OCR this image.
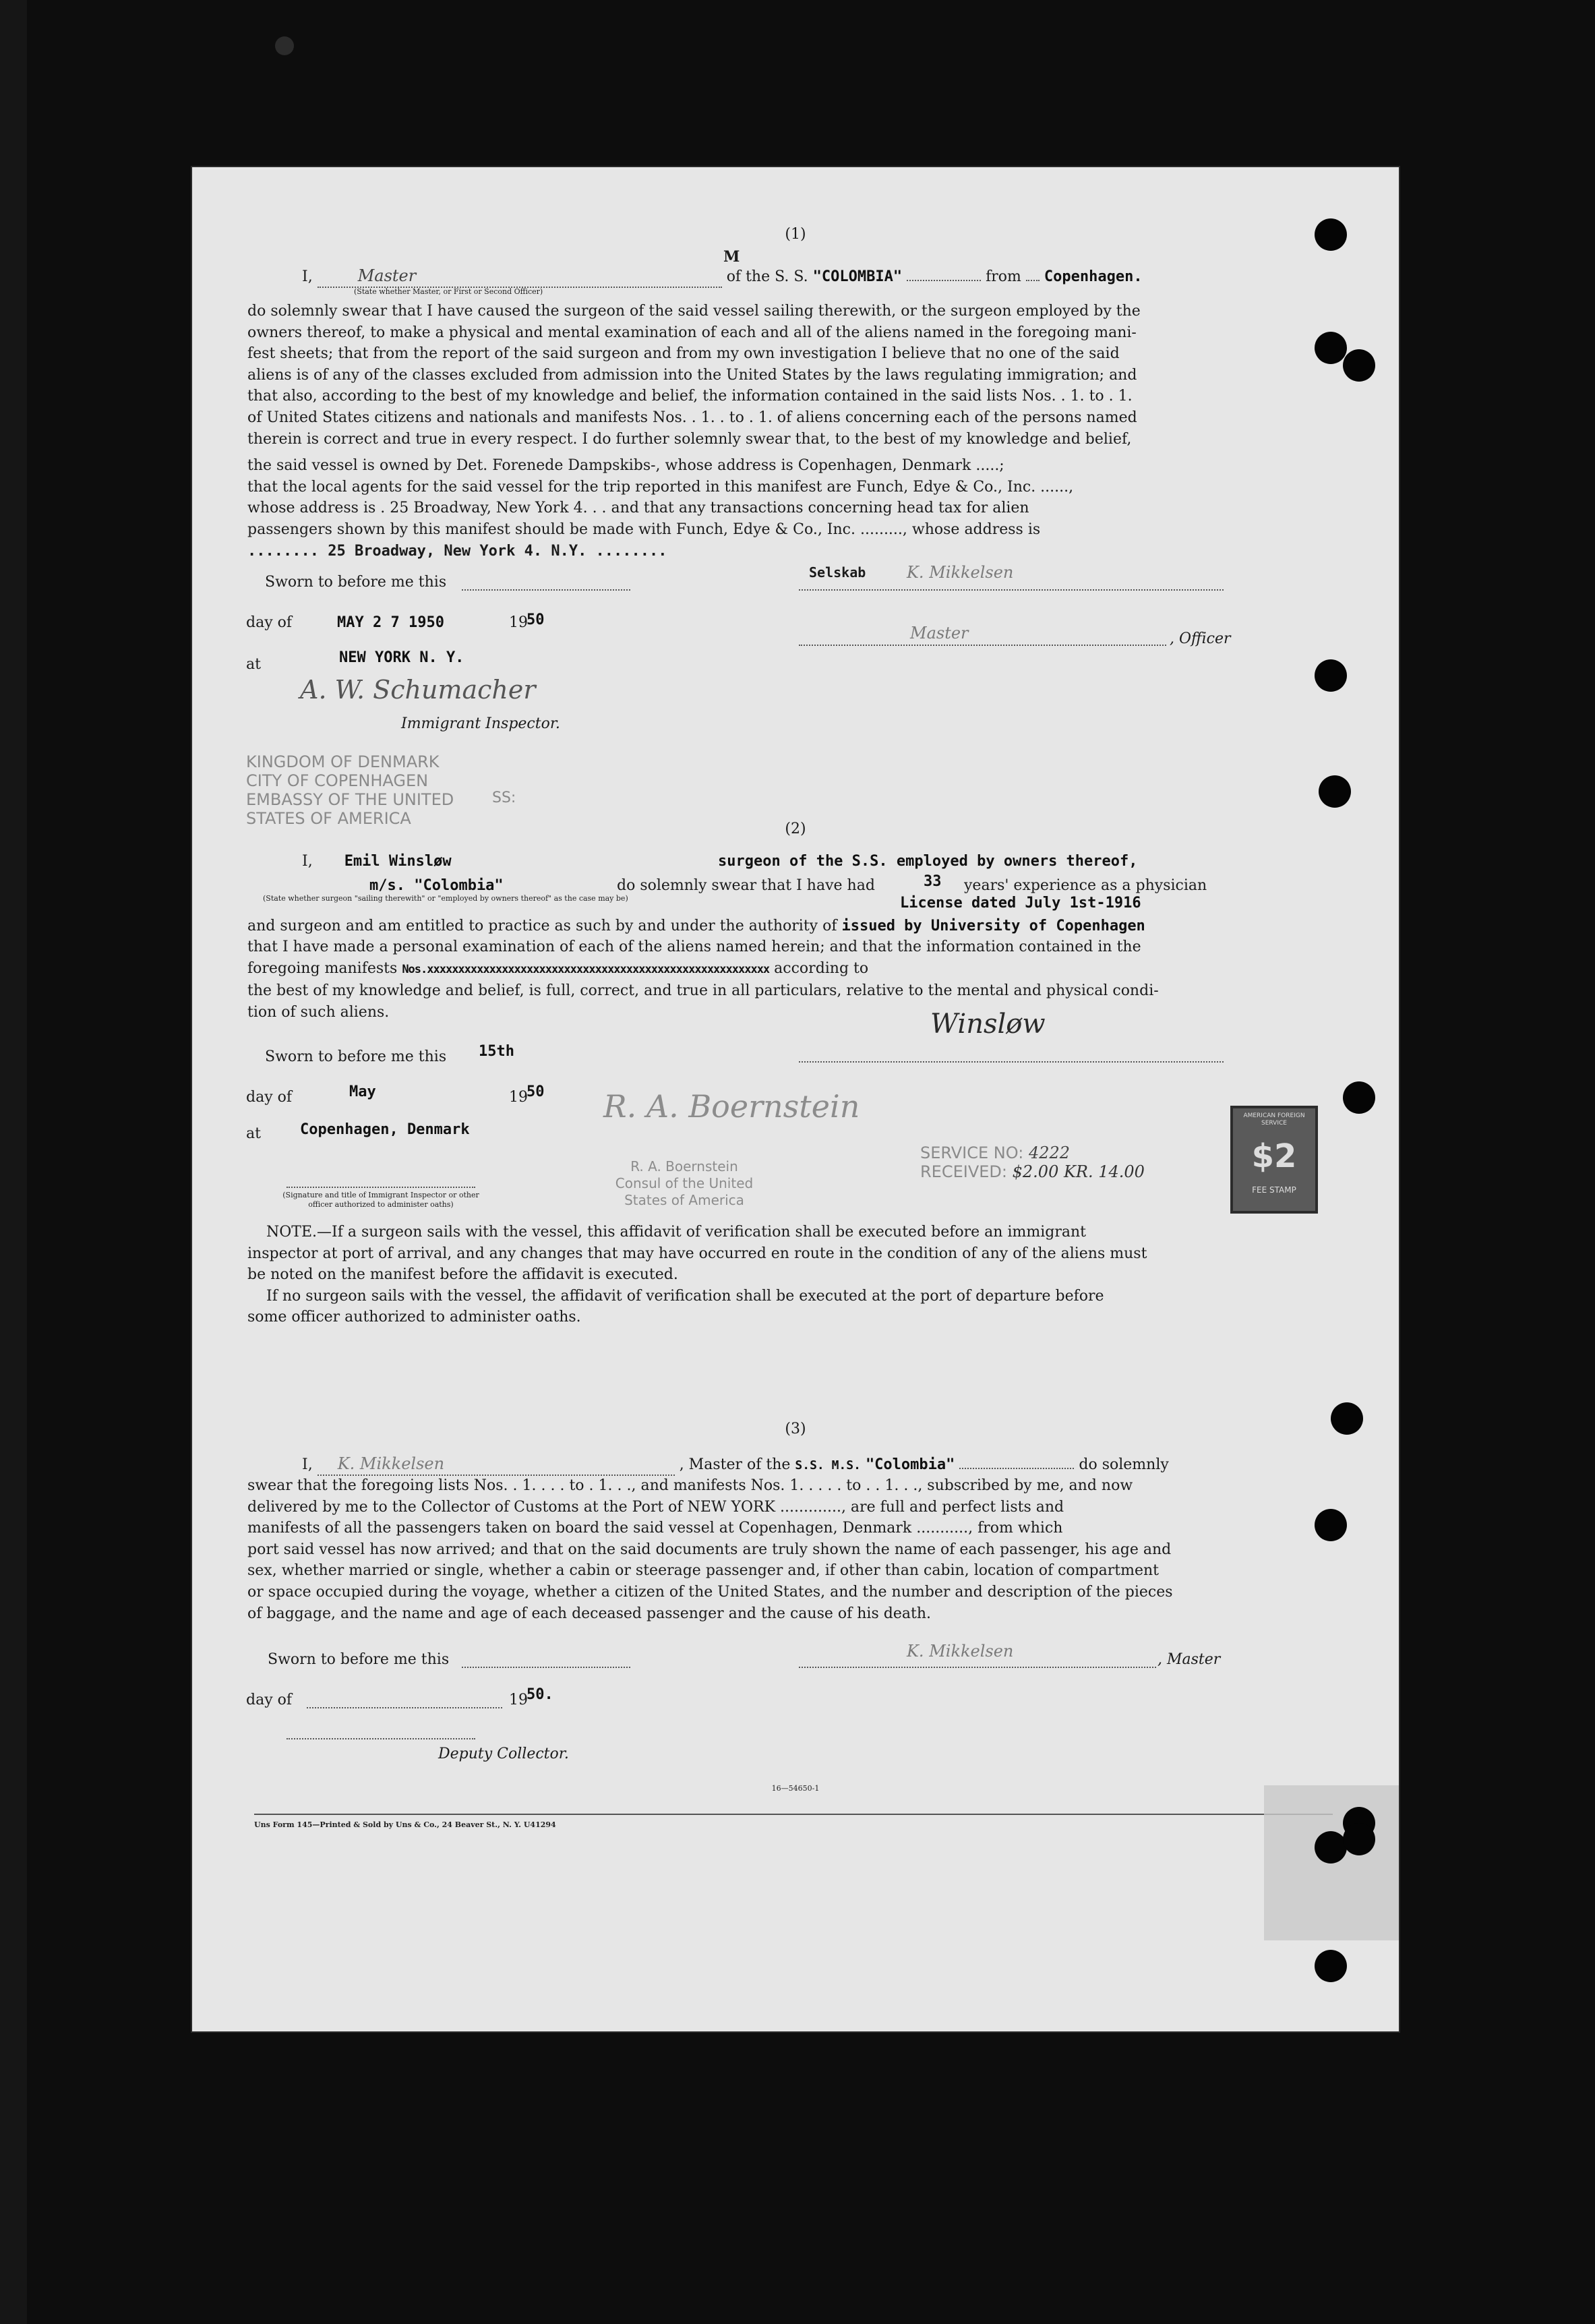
(1)
M
I,	Master	of the S. S. "COLOMBIA"	from Copenhagen.
(State whether Master, or First or Second Officer)
Selskab
do solemnly swear that I have caused the surgeon of the said vessel sailing therewith, or the surgeon employed by the
owners thereof, to make a physical and mental examination of each and all of the aliens named in the foregoing mani-
fest sheets; that from the report of the said surgeon and from my own investigation I believe that no one of the said
aliens is of any of the classes excluded from admission into the United States by the laws regulating immigration; and
that also, according to the best of my knowledge and belief, the information contained in the said lists Nos. . 1. to . 1.
of United States citizens and nationals and manifests Nos. . 1. . to . 1. of aliens concerning each of the persons named
therein is correct and true in every respect. I do further solemnly swear that, to the best of my knowledge and belief,
the said vessel is owned by Det. Forenede Dampskibs-, whose address is Copenhagen, Denmark .....;
that the local agents for the said vessel for the trip reported in this manifest are Funch, Edye & Co., Inc. ......,
whose address is . 25 Broadway, New York 4. . . and that any transactions concerning head tax for alien
passengers shown by this manifest should be made with Funch, Edye & Co., Inc. ........., whose address is
........ 25 Broadway, New York 4. N.Y. ........
Sworn to before me this
K. Mikkelsen
day of	MAY 2 7 1950	19
50
Master	, Officer
at	NEW YORK N. Y.
A. W. Schumacher
Immigrant Inspector.
KINGDOM OF DENMARK
CITY OF COPENHAGEN
EMBASSY OF THE UNITED
STATES OF AMERICA
SS:
(2)
I, Emil Winsløw	surgeon of the S.S. employed by owners thereof,
m/s. "Colombia"	do solemnly swear that I have had	33 years' experience as a physician
(State whether surgeon "sailing therewith" or "employed by owners thereof" as the case may be)	License dated July 1st-1916
and surgeon and am entitled to practice as such by and under the authority of issued by University of Copenhagen
that I have made a personal examination of each of the aliens named herein; and that the information contained in the
foregoing manifests Nos.xxxxxxxxxxxxxxxxxxxxxxxxxxxxxxxxxxxxxxxxxxxxxxxxxxxxxxx according to
the best of my knowledge and belief, is full, correct, and true in all particulars, relative to the mental and physical condi-
tion of such aliens.	Winsløw
Sworn to before me this 15th
day of	May	19
50
at	Copenhagen, Denmark
R. A. Boernstein
R. A. Boernstein
Consul of the United
States of America
SERVICE NO: 4222
RECEIVED: $2.00 KR. 14.00
AMERICAN FOREIGN SERVICE
$2
FEE STAMP
(Signature and title of Immigrant Inspector or other officer authorized to administer oaths)
NOTE.—If a surgeon sails with the vessel, this affidavit of verification shall be executed before an immigrant
inspector at port of arrival, and any changes that may have occurred en route in the condition of any of the aliens must
be noted on the manifest before the affidavit is executed.
If no surgeon sails with the vessel, the affidavit of verification shall be executed at the port of departure before
some officer authorized to administer oaths.
(3)
I, K. Mikkelsen	, Master of the S.S. M.S. "Colombia"	do solemnly
swear that the foregoing lists Nos. . 1. . . . to . 1. . ., and manifests Nos. 1. . . . . to . . 1. . ., subscribed by me, and now
delivered by me to the Collector of Customs at the Port of NEW YORK ............., are full and perfect lists and
manifests of all the passengers taken on board the said vessel at Copenhagen, Denmark ..........., from which
port said vessel has now arrived; and that on the said documents are truly shown the name of each passenger, his age and
sex, whether married or single, whether a cabin or steerage passenger and, if other than cabin, location of compartment
or space occupied during the voyage, whether a citizen of the United States, and the number and description of the pieces
of baggage, and the name and age of each deceased passenger and the cause of his death.
Sworn to before me this	K. Mikkelsen	, Master
day of	19
50.
Deputy Collector.
16—54650-1
Uns Form 145—Printed & Sold by Uns & Co., 24 Beaver St., N. Y. U41294
